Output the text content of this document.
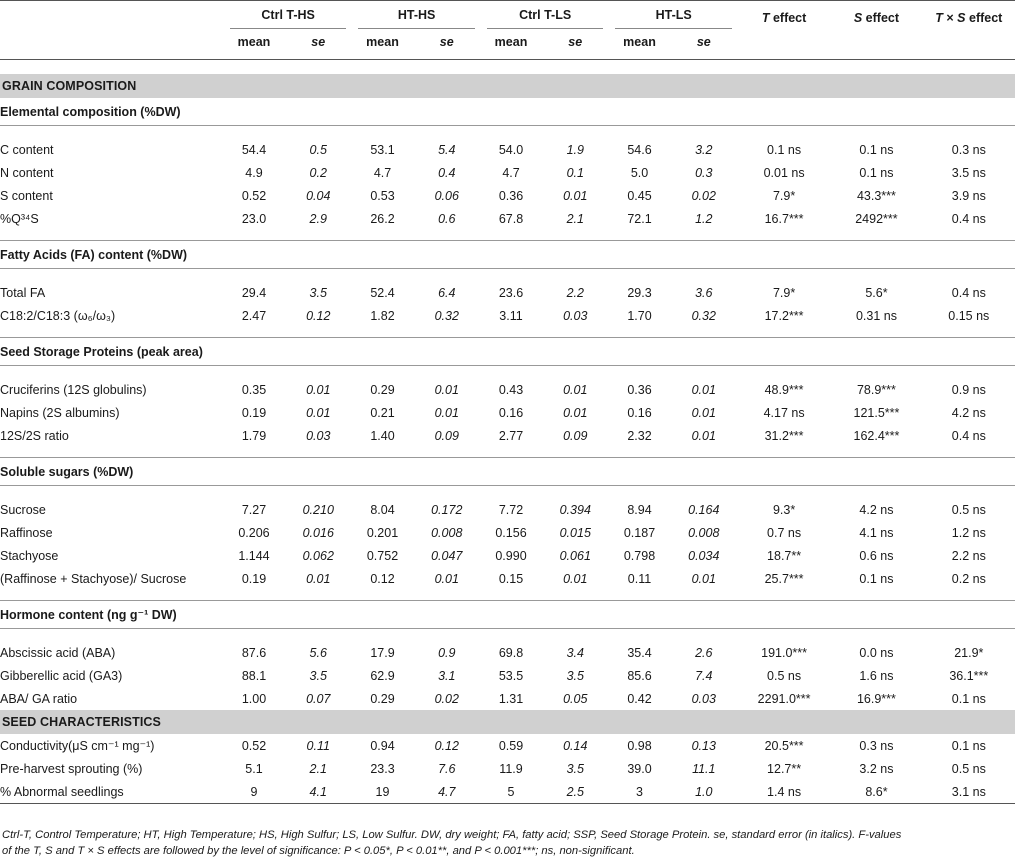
	Ctrl T-HS		HT-HS		Ctrl T-LS		HT-LS		T effect	S effect	T × S effect
	mean	se	mean	se	mean	se	mean	se			

GRAIN COMPOSITION											
Elemental composition (%DW)											

C content	54.4	0.5	53.1	5.4	54.0	1.9	54.6	3.2	0.1 ns	0.1 ns	0.3 ns
N content	4.9	0.2	4.7	0.4	4.7	0.1	5.0	0.3	0.01 ns	0.1 ns	3.5 ns
S content	0.52	0.04	0.53	0.06	0.36	0.01	0.45	0.02	7.9*	43.3***	3.9 ns
%Q³⁴S	23.0	2.9	26.2	0.6	67.8	2.1	72.1	1.2	16.7***	2492***	0.4 ns

Fatty Acids (FA) content (%DW)											

Total FA	29.4	3.5	52.4	6.4	23.6	2.2	29.3	3.6	7.9*	5.6*	0.4 ns
C18:2/C18:3 (ω₆/ω₃)	2.47	0.12	1.82	0.32	3.11	0.03	1.70	0.32	17.2***	0.31 ns	0.15 ns

Seed Storage Proteins (peak area)											

Cruciferins (12S globulins)	0.35	0.01	0.29	0.01	0.43	0.01	0.36	0.01	48.9***	78.9***	0.9 ns
Napins (2S albumins)	0.19	0.01	0.21	0.01	0.16	0.01	0.16	0.01	4.17 ns	121.5***	4.2 ns
12S/2S ratio	1.79	0.03	1.40	0.09	2.77	0.09	2.32	0.01	31.2***	162.4***	0.4 ns

Soluble sugars (%DW)											

Sucrose	7.27	0.210	8.04	0.172	7.72	0.394	8.94	0.164	9.3*	4.2 ns	0.5 ns
Raffinose	0.206	0.016	0.201	0.008	0.156	0.015	0.187	0.008	0.7 ns	4.1 ns	1.2 ns
Stachyose	1.144	0.062	0.752	0.047	0.990	0.061	0.798	0.034	18.7**	0.6 ns	2.2 ns
(Raffinose + Stachyose)/ Sucrose	0.19	0.01	0.12	0.01	0.15	0.01	0.11	0.01	25.7***	0.1 ns	0.2 ns

Hormone content (ng g⁻¹ DW)											

Abscissic acid (ABA)	87.6	5.6	17.9	0.9	69.8	3.4	35.4	2.6	191.0***	0.0 ns	21.9*
Gibberellic acid (GA3)	88.1	3.5	62.9	3.1	53.5	3.5	85.6	7.4	0.5 ns	1.6 ns	36.1***
ABA/ GA ratio	1.00	0.07	0.29	0.02	1.31	0.05	0.42	0.03	2291.0***	16.9***	0.1 ns
SEED CHARACTERISTICS											
Conductivity(μS cm⁻¹ mg⁻¹)	0.52	0.11	0.94	0.12	0.59	0.14	0.98	0.13	20.5***	0.3 ns	0.1 ns
Pre-harvest sprouting (%)	5.1	2.1	23.3	7.6	11.9	3.5	39.0	11.1	12.7**	3.2 ns	0.5 ns
% Abnormal seedlings	9	4.1	19	4.7	5	2.5	3	1.0	1.4 ns	8.6*	3.1 ns
Ctrl-T, Control Temperature; HT, High Temperature; HS, High Sulfur; LS, Low Sulfur. DW, dry weight; FA, fatty acid; SSP, Seed Storage Protein. se, standard error (in italics). F-values
of the T, S and T × S effects are followed by the level of significance: P < 0.05*, P < 0.01**, and P < 0.001***; ns, non-significant.
